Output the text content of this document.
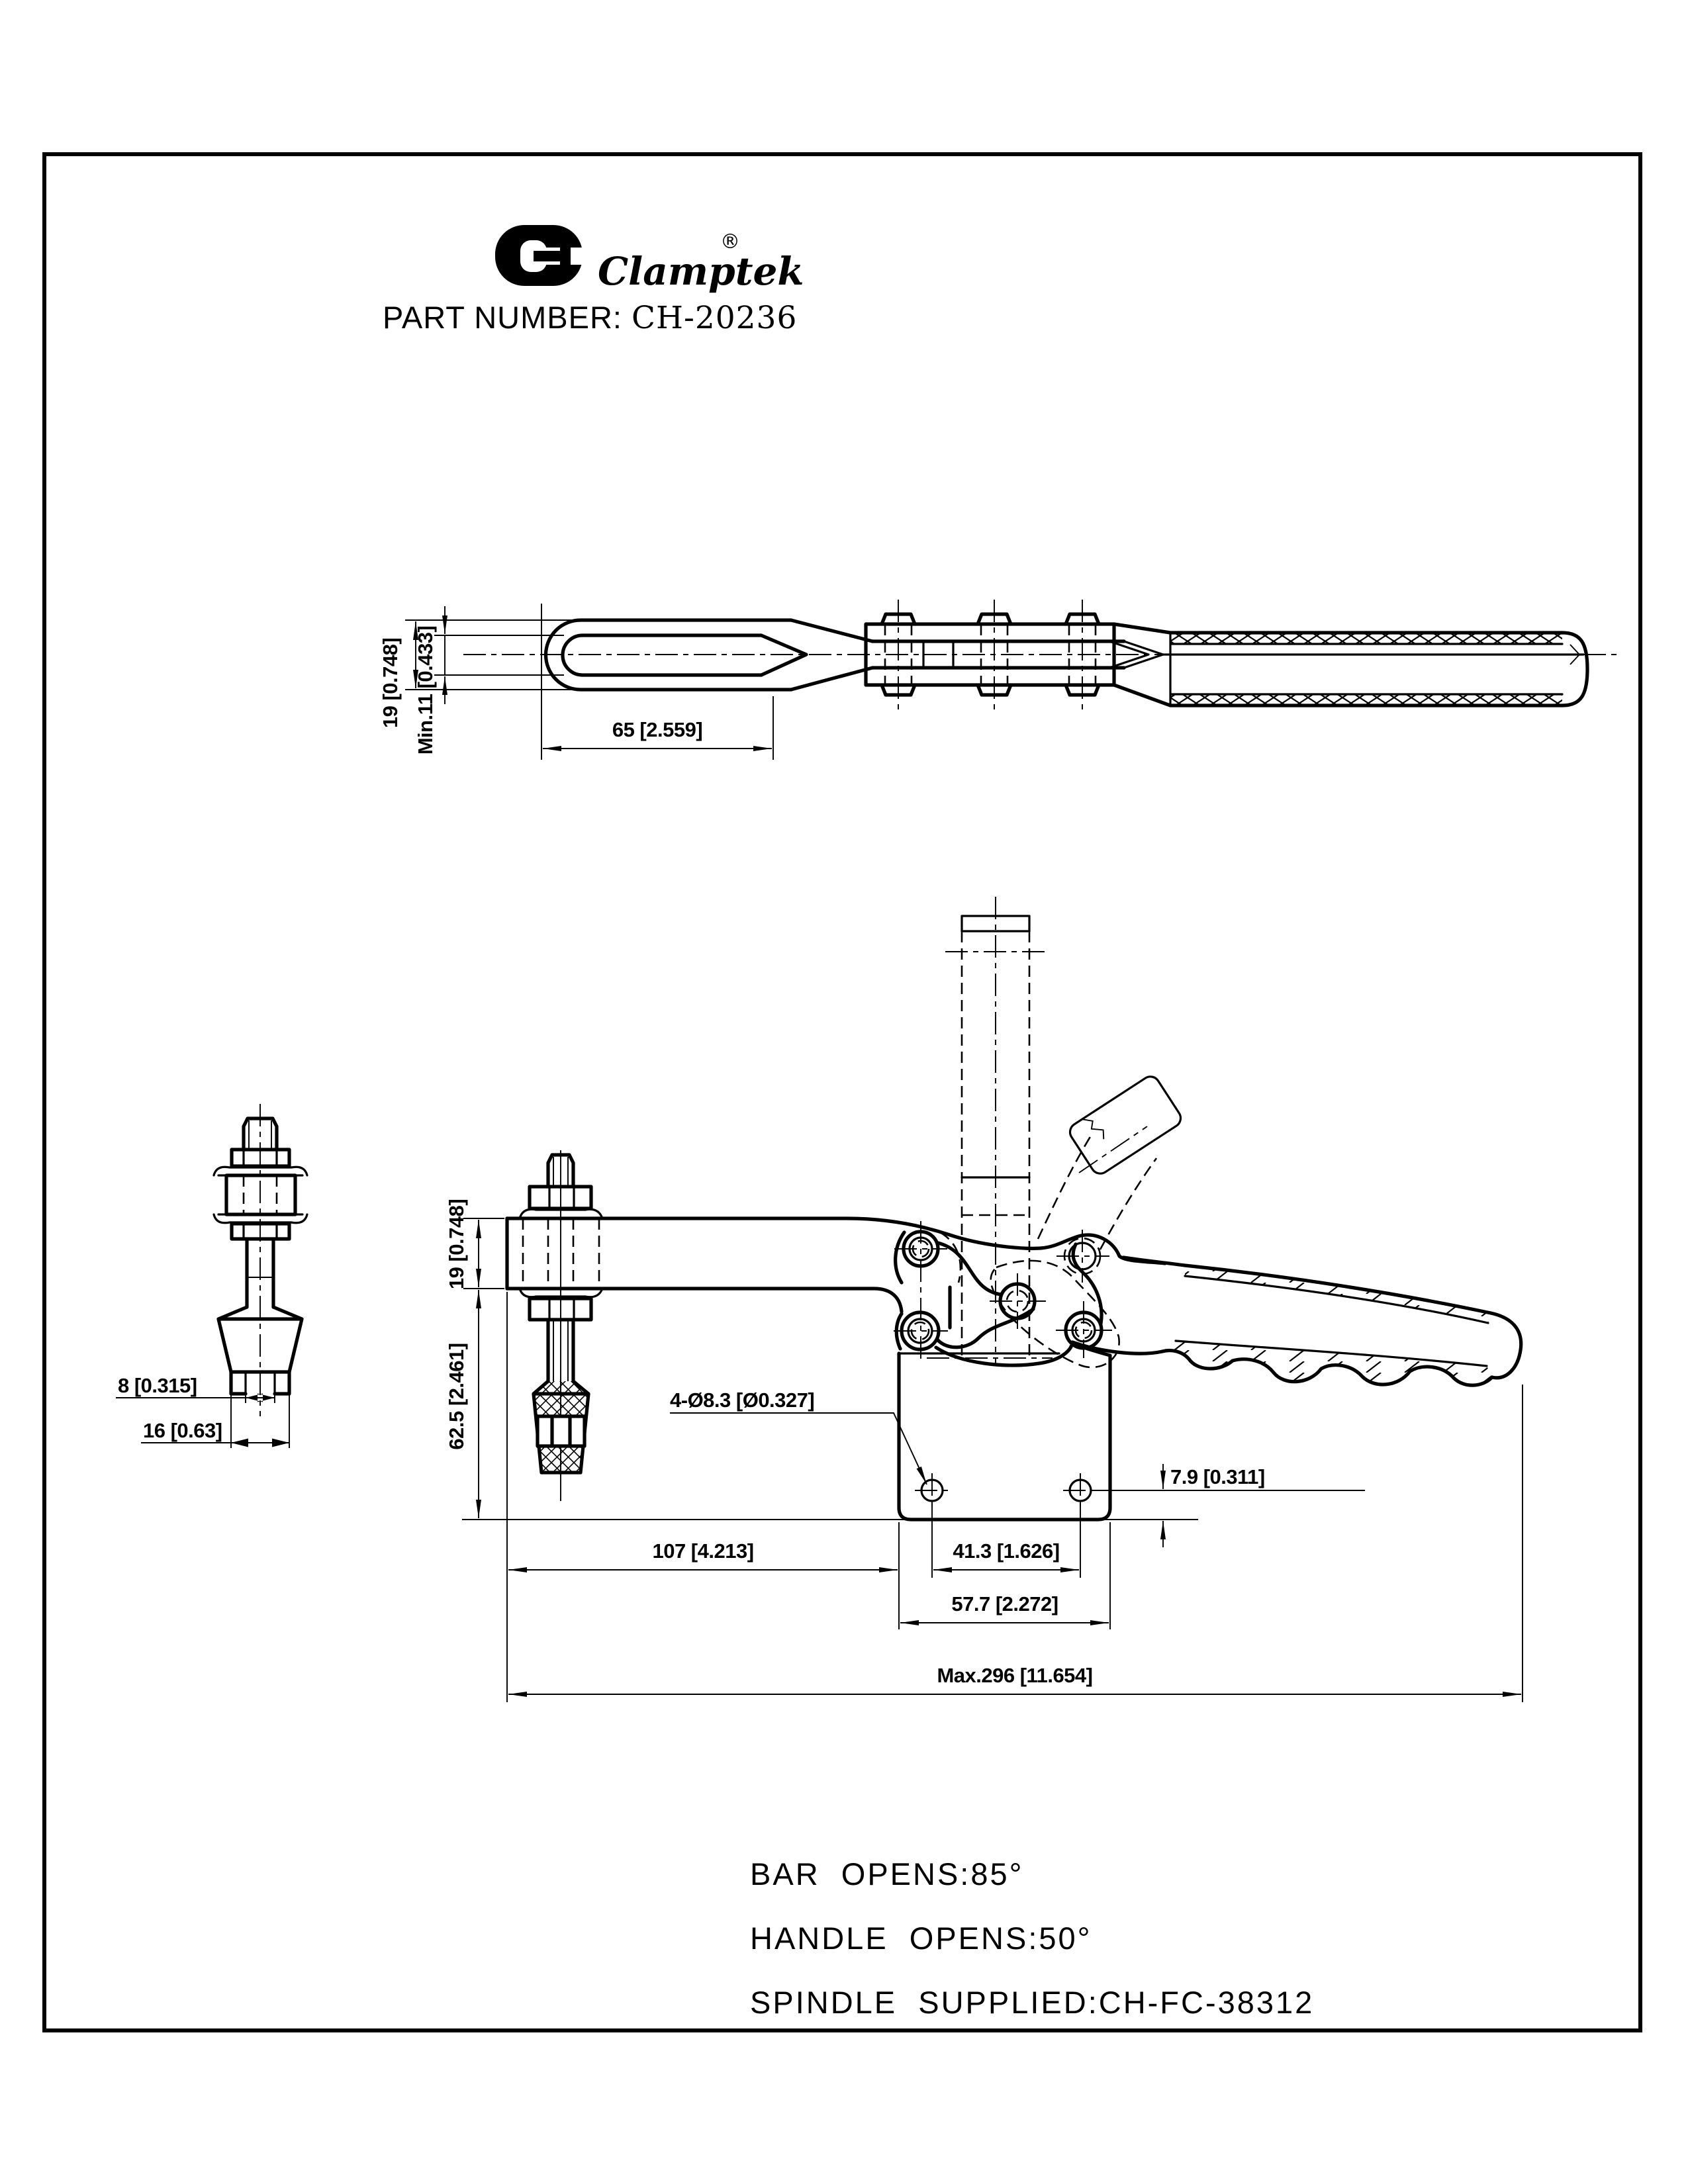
Clamptek
®
PART NUMBER: CH-20236
19 [0.748] Min.11 [0.433]	65 [2.559]
19 [0.748]
62.5 [2.461]	4-Ø8.3 [Ø0.327]
7.9 [0.311]
107 [4.213]	41.3 [1.626]
57.7 [2.272]
Max.296 [11.654]
8 [0.315]
16 [0.63]
BAR  OPENS:85°
HANDLE  OPENS:50°
SPINDLE  SUPPLIED:CH-FC-38312
